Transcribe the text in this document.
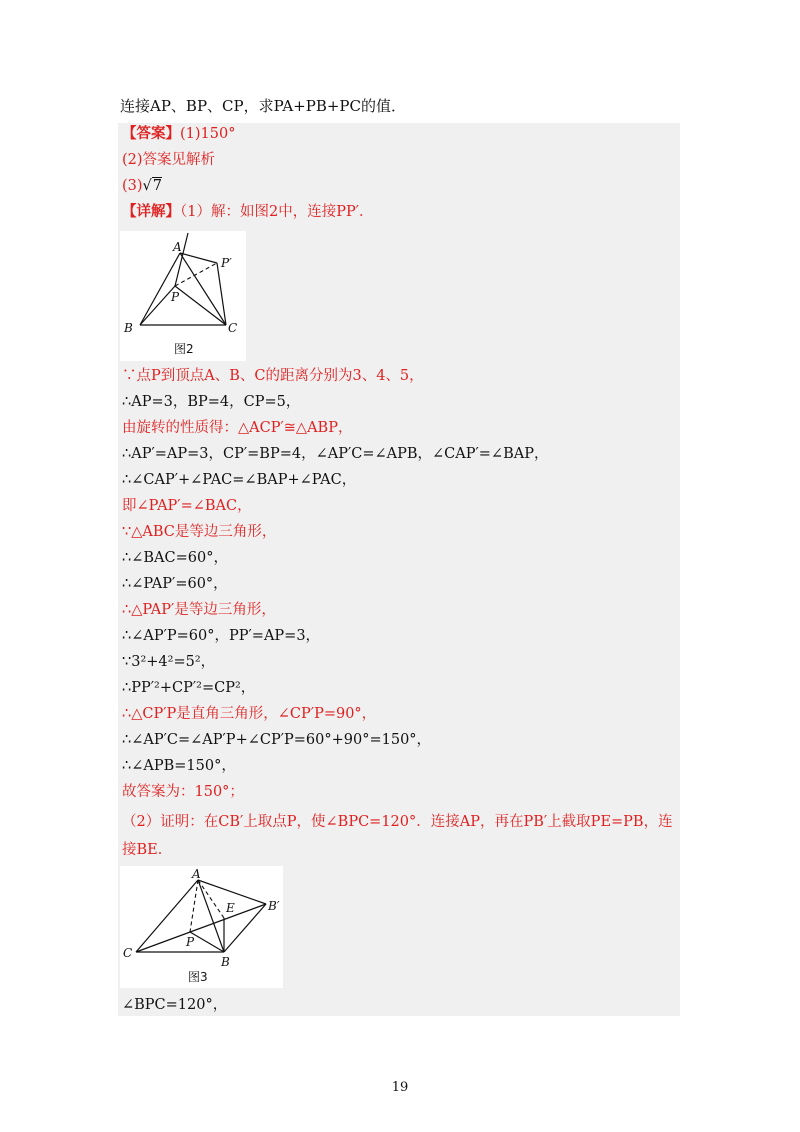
连接AP、BP、CP，求PA+PB+PC的值．
【答案】(1)150°
(2)答案见解析
(3)√7
【详解】（1）解：如图2中，连接PP′．
A
P′
P
B	C
图2
∵点P到顶点A、B、C的距离分别为3、4、5，
∴AP=3，BP=4，CP=5，
由旋转的性质得：△ACP′≅△ABP，
∴AP′=AP=3，CP′=BP=4，∠AP′C=∠APB，∠CAP′=∠BAP，
∴∠CAP′+∠PAC=∠BAP+∠PAC，
即∠PAP′=∠BAC，
∵△ABC是等边三角形，
∴∠BAC=60°，
∴∠PAP′=60°，
∴△PAP′是等边三角形，
∴∠AP′P=60°，PP′=AP=3，
∵3²+4²=5²，
∴PP′²+CP′²=CP²，
∴△CP′P是直角三角形，∠CP′P=90°，
∴∠AP′C=∠AP′P+∠CP′P=60°+90°=150°，
∴∠APB=150°，
故答案为：150°；
（2）证明：在CB′上取点P，使∠BPC=120°．连接AP，再在PB′上截取PE=PB，连
接BE．
A
E	B′
P
C
B
图3
∠BPC=120°，
19
